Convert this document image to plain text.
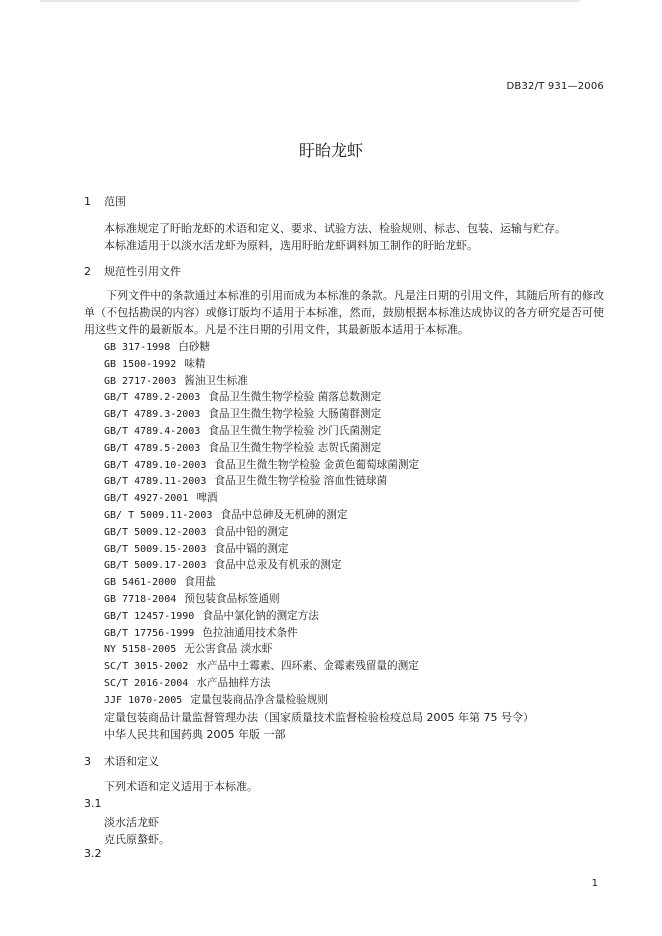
DB32/T 931—2006
盱眙龙虾
1 范围
本标准规定了盱眙龙虾的术语和定义、要求、试验方法、检验规则、标志、包装、运输与贮存。
本标准适用于以淡水活龙虾为原料，选用盱眙龙虾调料加工制作的盱眙龙虾。
2 规范性引用文件

下列文件中的条款通过本标准的引用而成为本标准的条款。凡是注日期的引用文件，其随后所有的修改单（不包括勘误的内容）或修订版均不适用于本标准，然而，鼓励根据本标准达成协议的各方研究是否可使用这些文件的最新版本。凡是不注日期的引用文件，其最新版本适用于本标准。

GB 317-1998 白砂糖
GB 1500-1992 味精
GB 2717-2003 酱油卫生标准
GB/T 4789.2-2003 食品卫生微生物学检验 菌落总数测定
GB/T 4789.3-2003 食品卫生微生物学检验 大肠菌群测定
GB/T 4789.4-2003 食品卫生微生物学检验 沙门氏菌测定
GB/T 4789.5-2003 食品卫生微生物学检验 志贺氏菌测定
GB/T 4789.10-2003 食品卫生微生物学检验 金黄色葡萄球菌测定
GB/T 4789.11-2003 食品卫生微生物学检验 溶血性链球菌
GB/T 4927-2001 啤酒
GB/ T 5009.11-2003 食品中总砷及无机砷的测定
GB/T 5009.12-2003 食品中铅的测定
GB/T 5009.15-2003 食品中镉的测定
GB/T 5009.17-2003 食品中总汞及有机汞的测定
GB 5461-2000 食用盐
GB 7718-2004 预包装食品标签通则
GB/T 12457-1990 食品中氯化钠的测定方法
GB/T 17756-1999 色拉油通用技术条件
NY 5158-2005 无公害食品 淡水虾
SC/T 3015-2002 水产品中土霉素、四环素、金霉素残留量的测定
SC/T 2016-2004 水产品抽样方法
JJF 1070-2005 定量包装商品净含量检验规则
定量包装商品计量监督管理办法（国家质量技术监督检验检疫总局 2005 年第 75 号令）
中华人民共和国药典 2005 年版 一部
3 术语和定义
下列术语和定义适用于本标准。
3.1
淡水活龙虾
克氏原螯虾。
3.2
1
